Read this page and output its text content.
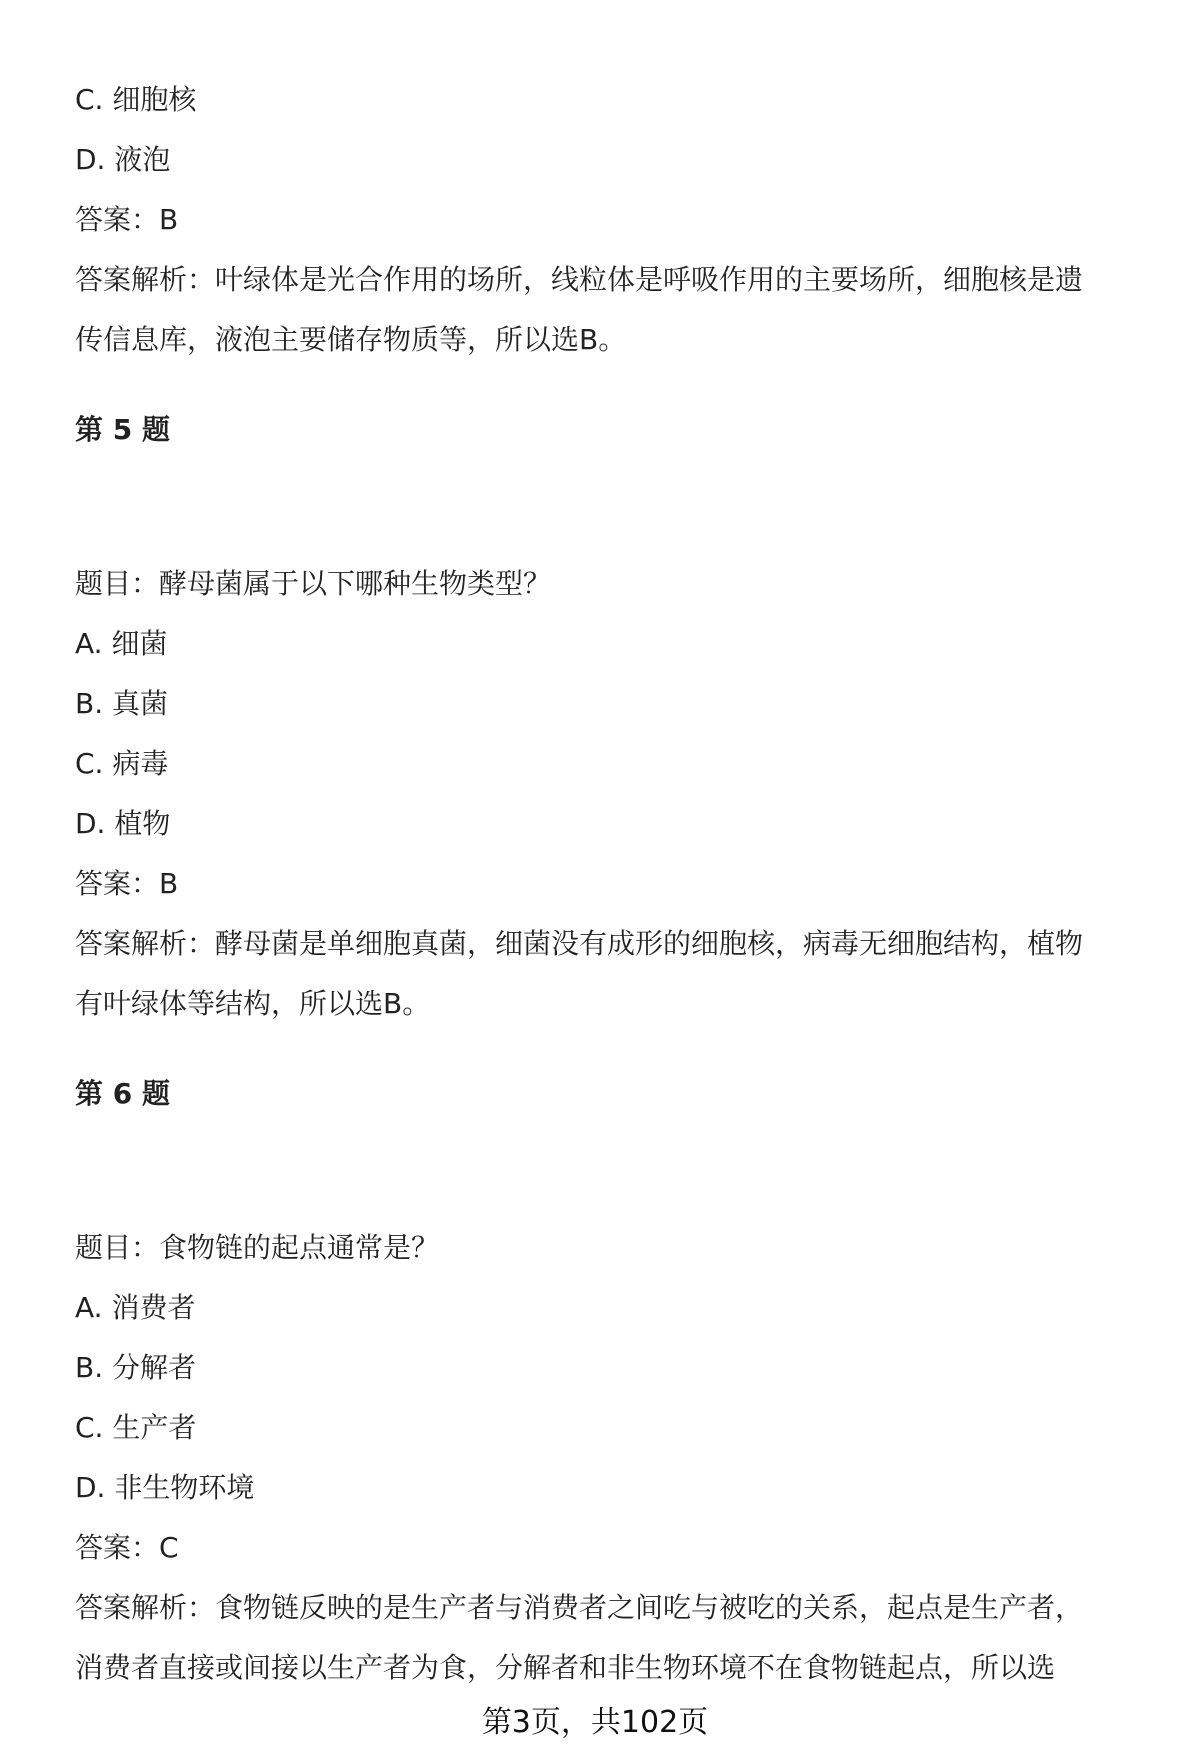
C. 细胞核
D. 液泡
答案：B
答案解析：叶绿体是光合作用的场所，线粒体是呼吸作用的主要场所，细胞核是遗
传信息库，液泡主要储存物质等，所以选B。
第 5 题
题目：酵母菌属于以下哪种生物类型？
A. 细菌
B. 真菌
C. 病毒
D. 植物
答案：B
答案解析：酵母菌是单细胞真菌，细菌没有成形的细胞核，病毒无细胞结构，植物
有叶绿体等结构，所以选B。
第 6 题
题目：食物链的起点通常是？
A. 消费者
B. 分解者
C. 生产者
D. 非生物环境
答案：C
答案解析：食物链反映的是生产者与消费者之间吃与被吃的关系，起点是生产者，
消费者直接或间接以生产者为食，分解者和非生物环境不在食物链起点，所以选
第3页，共102页
